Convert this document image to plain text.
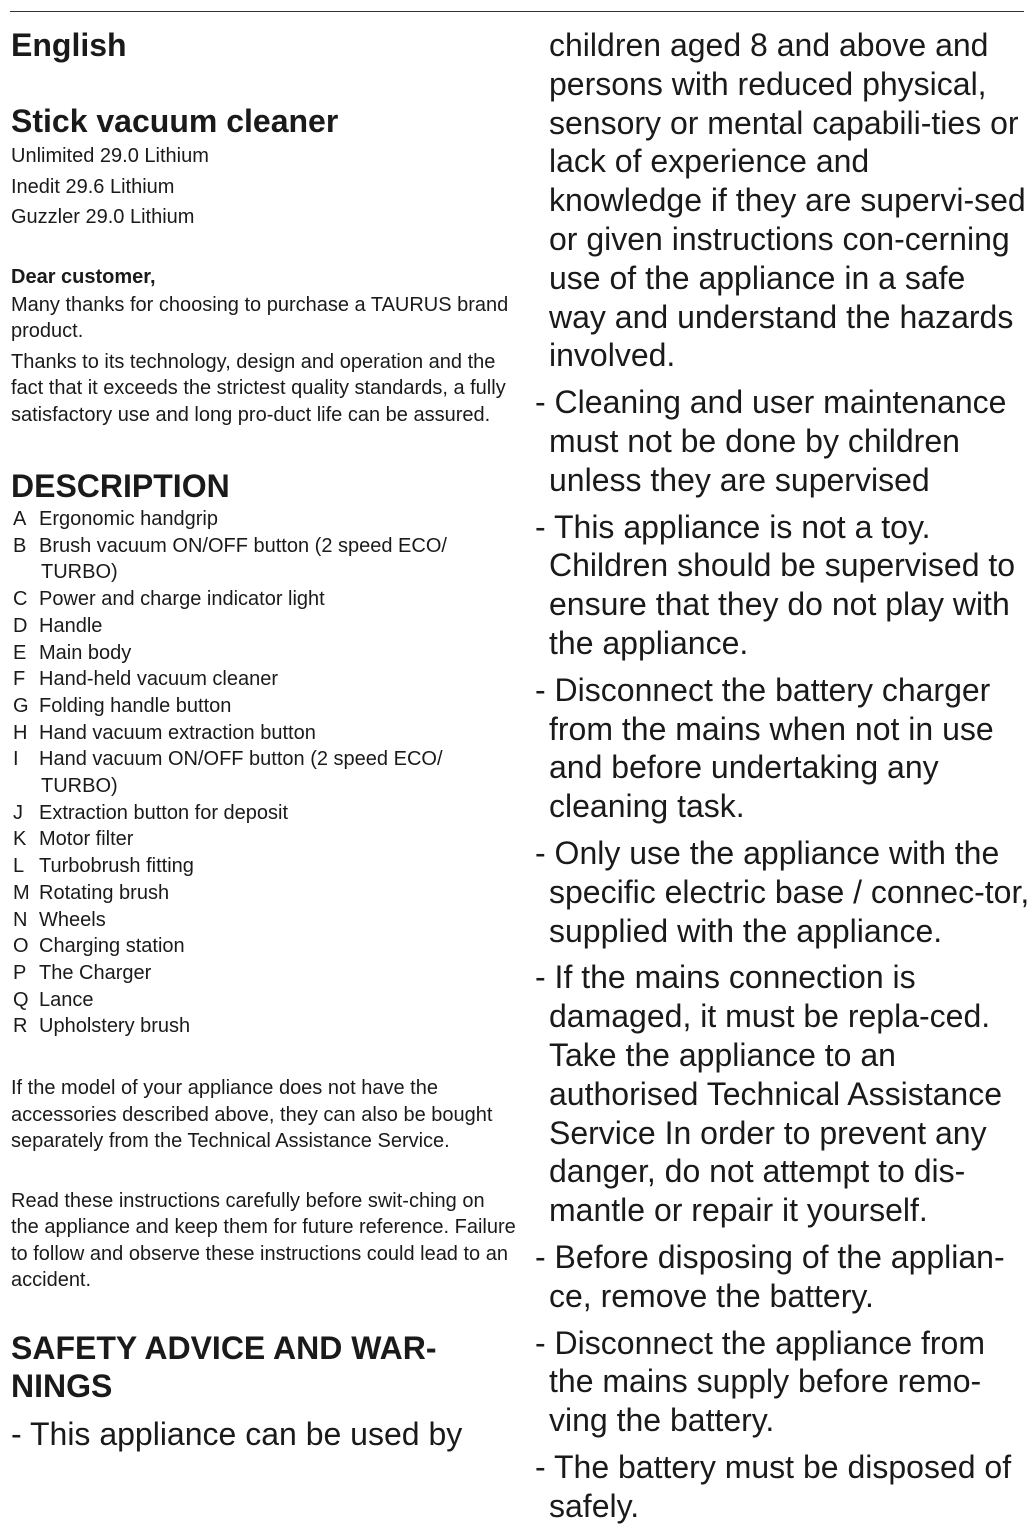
English
Stick vacuum cleaner

Unlimited 29.0 Lithium

Inedit 29.6 Lithium

Guzzler 29.0 Lithium

Dear customer,

Many thanks for choosing to purchase a TAURUS brand product.

Thanks to its technology, design and operation and the fact that it exceeds the strictest quality standards, a fully satisfactory use and long pro-duct life can be assured.

DESCRIPTION
A Ergonomic handgrip
B Brush vacuum ON/OFF button (2 speed ECO/ TURBO)
C Power and charge indicator light
D Handle
E Main body
F Hand-held vacuum cleaner
G Folding handle button
H Hand vacuum extraction button
I Hand vacuum ON/OFF button (2 speed ECO/ TURBO)
J Extraction button for deposit
K Motor filter
L Turbobrush fitting
M Rotating brush
N Wheels
O Charging station
P The Charger
Q Lance
R Upholstery brush

If the model of your appliance does not have the accessories described above, they can also be bought separately from the Technical Assistance Service.

Read these instructions carefully before swit-ching on the appliance and keep them for future reference. Failure to follow and observe these instructions could lead to an accident.

SAFETY ADVICE AND WAR-NINGS

- This appliance can be used by

children aged 8 and above and persons with reduced physical, sensory or mental capabili-ties or lack of experience and knowledge if they are supervi-sed or given instructions con-cerning use of the appliance in a safe way and understand the hazards involved.

- Cleaning and user maintenance must not be done by children unless they are supervised

- This appliance is not a toy. Children should be supervised to ensure that they do not play with the appliance.

- Disconnect the battery charger from the mains when not in use and before undertaking any cleaning task.

- Only use the appliance with the specific electric base / connec-tor, supplied with the appliance.

- If the mains connection is damaged, it must be repla-ced. Take the appliance to an authorised Technical Assistance Service In order to prevent any danger, do not attempt to dis-mantle or repair it yourself.

- Before disposing of the applian-ce, remove the battery.

- Disconnect the appliance from the mains supply before remo-ving the battery.

- The battery must be disposed of safely.
